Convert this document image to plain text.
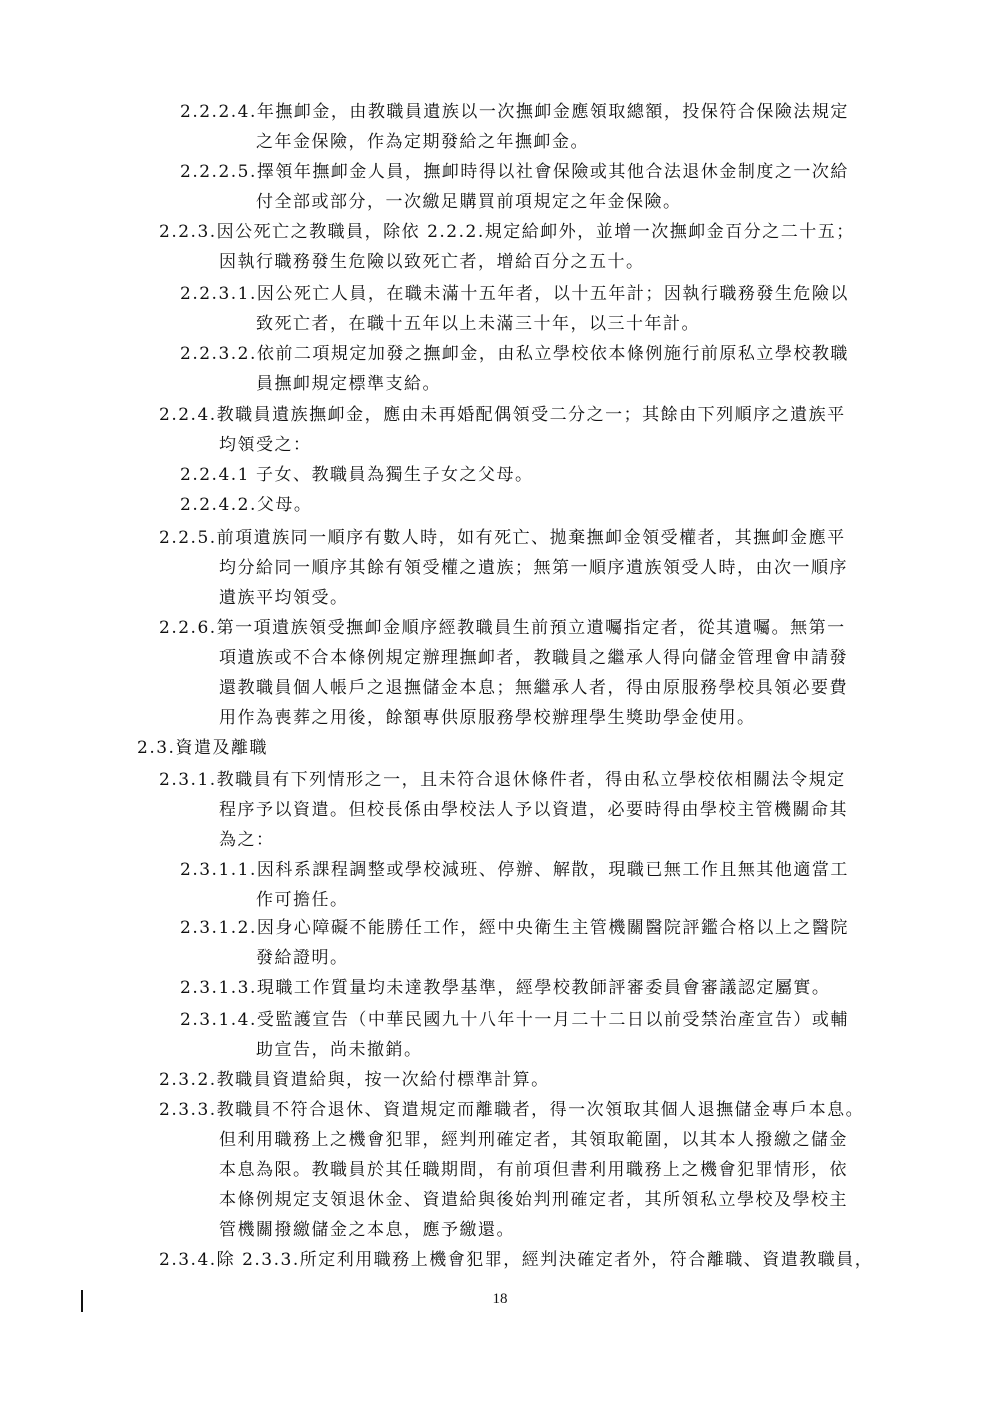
2.2.2.4.年撫卹金，由教職員遺族以一次撫卹金應領取總額，投保符合保險法規定
之年金保險，作為定期發給之年撫卹金。
2.2.2.5.擇領年撫卹金人員，撫卹時得以社會保險或其他合法退休金制度之一次給
付全部或部分，一次繳足購買前項規定之年金保險。
2.2.3.因公死亡之教職員，除依 2.2.2.規定給卹外，並增一次撫卹金百分之二十五；
因執行職務發生危險以致死亡者，增給百分之五十。
2.2.3.1.因公死亡人員，在職未滿十五年者，以十五年計；因執行職務發生危險以
致死亡者，在職十五年以上未滿三十年，以三十年計。
2.2.3.2.依前二項規定加發之撫卹金，由私立學校依本條例施行前原私立學校教職
員撫卹規定標準支給。
2.2.4.教職員遺族撫卹金，應由未再婚配偶領受二分之一；其餘由下列順序之遺族平
均領受之：
2.2.4.1 子女、教職員為獨生子女之父母。
2.2.4.2.父母。
2.2.5.前項遺族同一順序有數人時，如有死亡、拋棄撫卹金領受權者，其撫卹金應平
均分給同一順序其餘有領受權之遺族；無第一順序遺族領受人時，由次一順序
遺族平均領受。
2.2.6.第一項遺族領受撫卹金順序經教職員生前預立遺囑指定者，從其遺囑。無第一
項遺族或不合本條例規定辦理撫卹者，教職員之繼承人得向儲金管理會申請發
還教職員個人帳戶之退撫儲金本息；無繼承人者，得由原服務學校具領必要費
用作為喪葬之用後，餘額專供原服務學校辦理學生獎助學金使用。
2.3.資遣及離職
2.3.1.教職員有下列情形之一，且未符合退休條件者，得由私立學校依相關法令規定
程序予以資遣。但校長係由學校法人予以資遣，必要時得由學校主管機關命其
為之：
2.3.1.1.因科系課程調整或學校減班、停辦、解散，現職已無工作且無其他適當工
作可擔任。
2.3.1.2.因身心障礙不能勝任工作，經中央衛生主管機關醫院評鑑合格以上之醫院
發給證明。
2.3.1.3.現職工作質量均未達教學基準，經學校教師評審委員會審議認定屬實。
2.3.1.4.受監護宣告（中華民國九十八年十一月二十二日以前受禁治產宣告）或輔
助宣告，尚未撤銷。
2.3.2.教職員資遣給與，按一次給付標準計算。
2.3.3.教職員不符合退休、資遣規定而離職者，得一次領取其個人退撫儲金專戶本息。
但利用職務上之機會犯罪，經判刑確定者，其領取範圍，以其本人撥繳之儲金
本息為限。教職員於其任職期間，有前項但書利用職務上之機會犯罪情形，依
本條例規定支領退休金、資遣給與後始判刑確定者，其所領私立學校及學校主
管機關撥繳儲金之本息，應予繳還。
2.3.4.除 2.3.3.所定利用職務上機會犯罪，經判決確定者外，符合離職、資遣教職員，
18
